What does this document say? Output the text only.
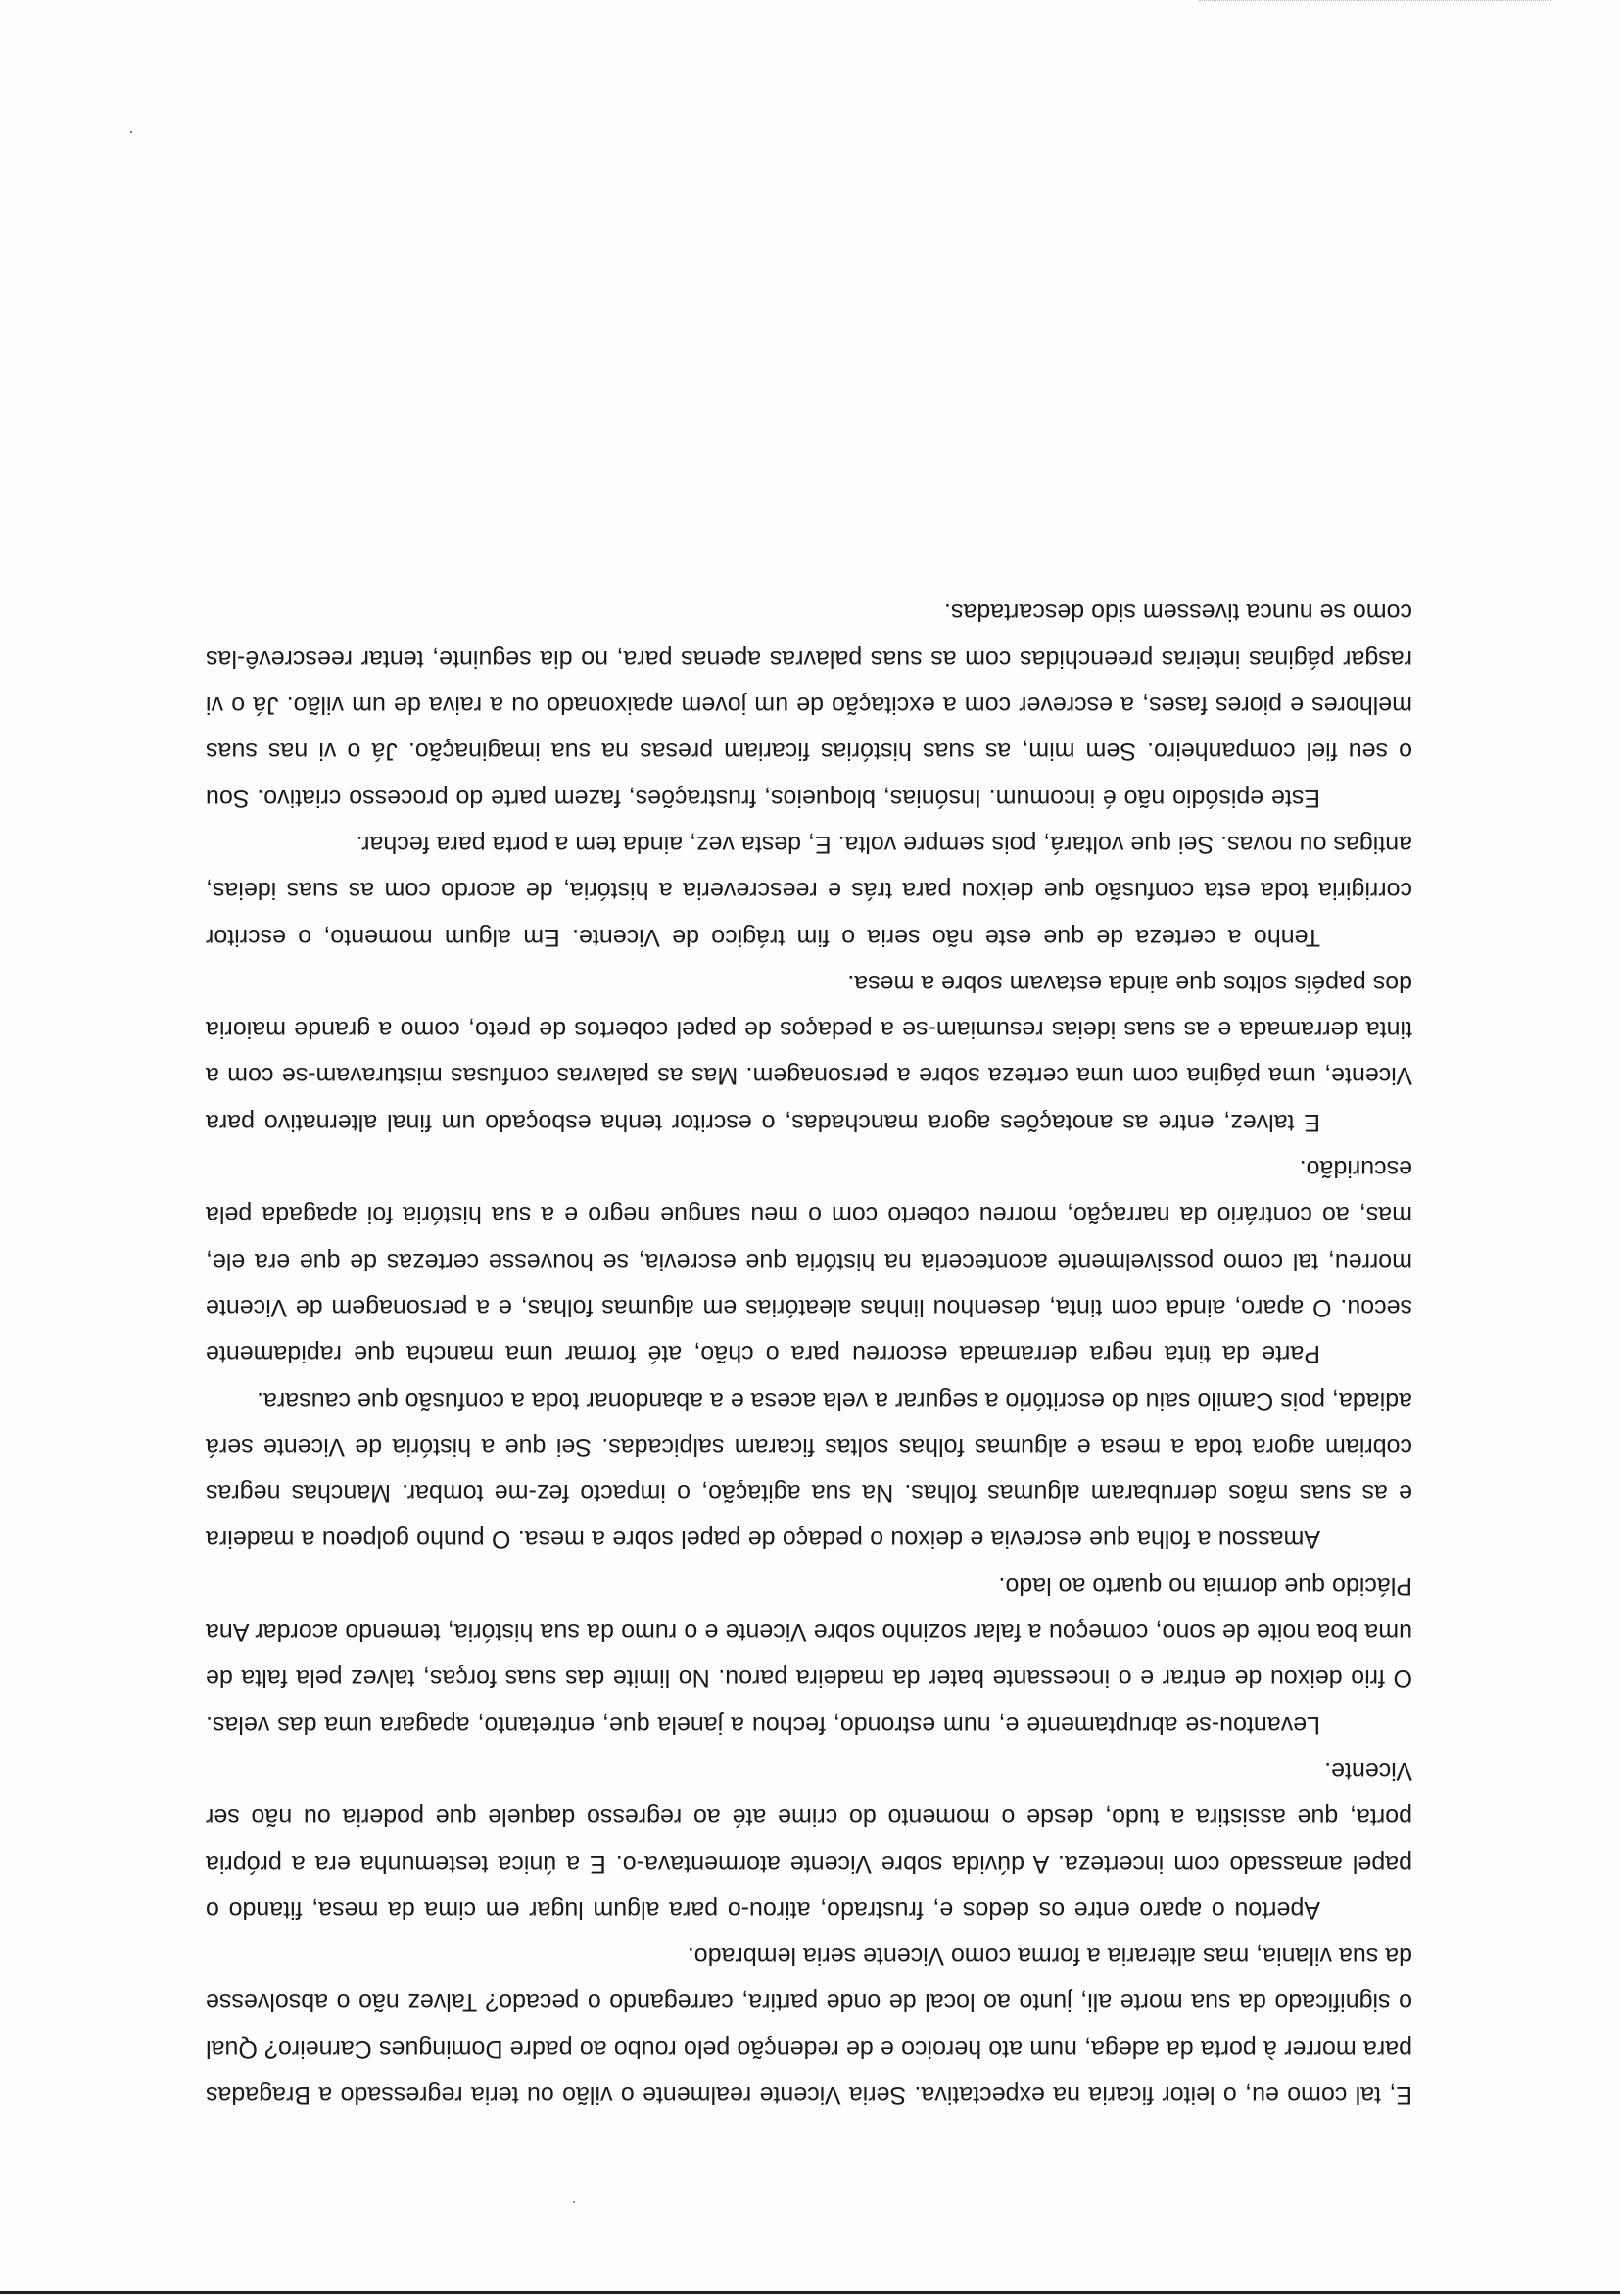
E, tal como eu, o leitor ficaria na expectativa. Seria Vicente realmente o vilão ou teria regressado a Bragadas para morrer à porta da adega, num ato heroico e de redenção pelo roubo ao padre Domingues Carneiro? Qual o significado da sua morte ali, junto ao local de onde partira, carregando o pecado? Talvez não o absolvesse da sua vilania, mas alteraria a forma como Vicente seria lembrado.

Apertou o aparo entre os dedos e, frustrado, atirou-o para algum lugar em cima da mesa, fitando o papel amassado com incerteza. A dúvida sobre Vicente atormentava-o. E a única testemunha era a própria porta, que assistira a tudo, desde o momento do crime até ao regresso daquele que poderia ou não ser Vicente.

Levantou-se abruptamente e, num estrondo, fechou a janela que, entretanto, apagara uma das velas. O frio deixou de entrar e o incessante bater da madeira parou. No limite das suas forças, talvez pela falta de uma boa noite de sono, começou a falar sozinho sobre Vicente e o rumo da sua história, temendo acordar Ana Plácido que dormia no quarto ao lado.

Amassou a folha que escrevia e deixou o pedaço de papel sobre a mesa. O punho golpeou a madeira e as suas mãos derrubaram algumas folhas. Na sua agitação, o impacto fez-me tombar. Manchas negras cobriam agora toda a mesa e algumas folhas soltas ficaram salpicadas. Sei que a história de Vicente será adiada, pois Camilo saiu do escritório a segurar a vela acesa e a abandonar toda a confusão que causara.

Parte da tinta negra derramada escorreu para o chão, até formar uma mancha que rapidamente secou. O aparo, ainda com tinta, desenhou linhas aleatórias em algumas folhas, e a personagem de Vicente morreu, tal como possivelmente aconteceria na história que escrevia, se houvesse certezas de que era ele, mas, ao contrário da narração, morreu coberto com o meu sangue negro e a sua história foi apagada pela escuridão.

E talvez, entre as anotações agora manchadas, o escritor tenha esboçado um final alternativo para Vicente, uma página com uma certeza sobre a personagem. Mas as palavras confusas misturavam-se com a tinta derramada e as suas ideias resumiam-se a pedaços de papel cobertos de preto, como a grande maioria dos papéis soltos que ainda estavam sobre a mesa.

Tenho a certeza de que este não seria o fim trágico de Vicente. Em algum momento, o escritor corrigiria toda esta confusão que deixou para trás e reescreveria a história, de acordo com as suas ideias, antigas ou novas. Sei que voltará, pois sempre volta. E, desta vez, ainda tem a porta para fechar.

Este episódio não é incomum. Insónias, bloqueios, frustrações, fazem parte do processo criativo. Sou o seu fiel companheiro. Sem mim, as suas histórias ficariam presas na sua imaginação. Já o vi nas suas melhores e piores fases, a escrever com a excitação de um jovem apaixonado ou a raiva de um vilão. Já o vi rasgar páginas inteiras preenchidas com as suas palavras apenas para, no dia seguinte, tentar reescrevê-las como se nunca tivessem sido descartadas.
